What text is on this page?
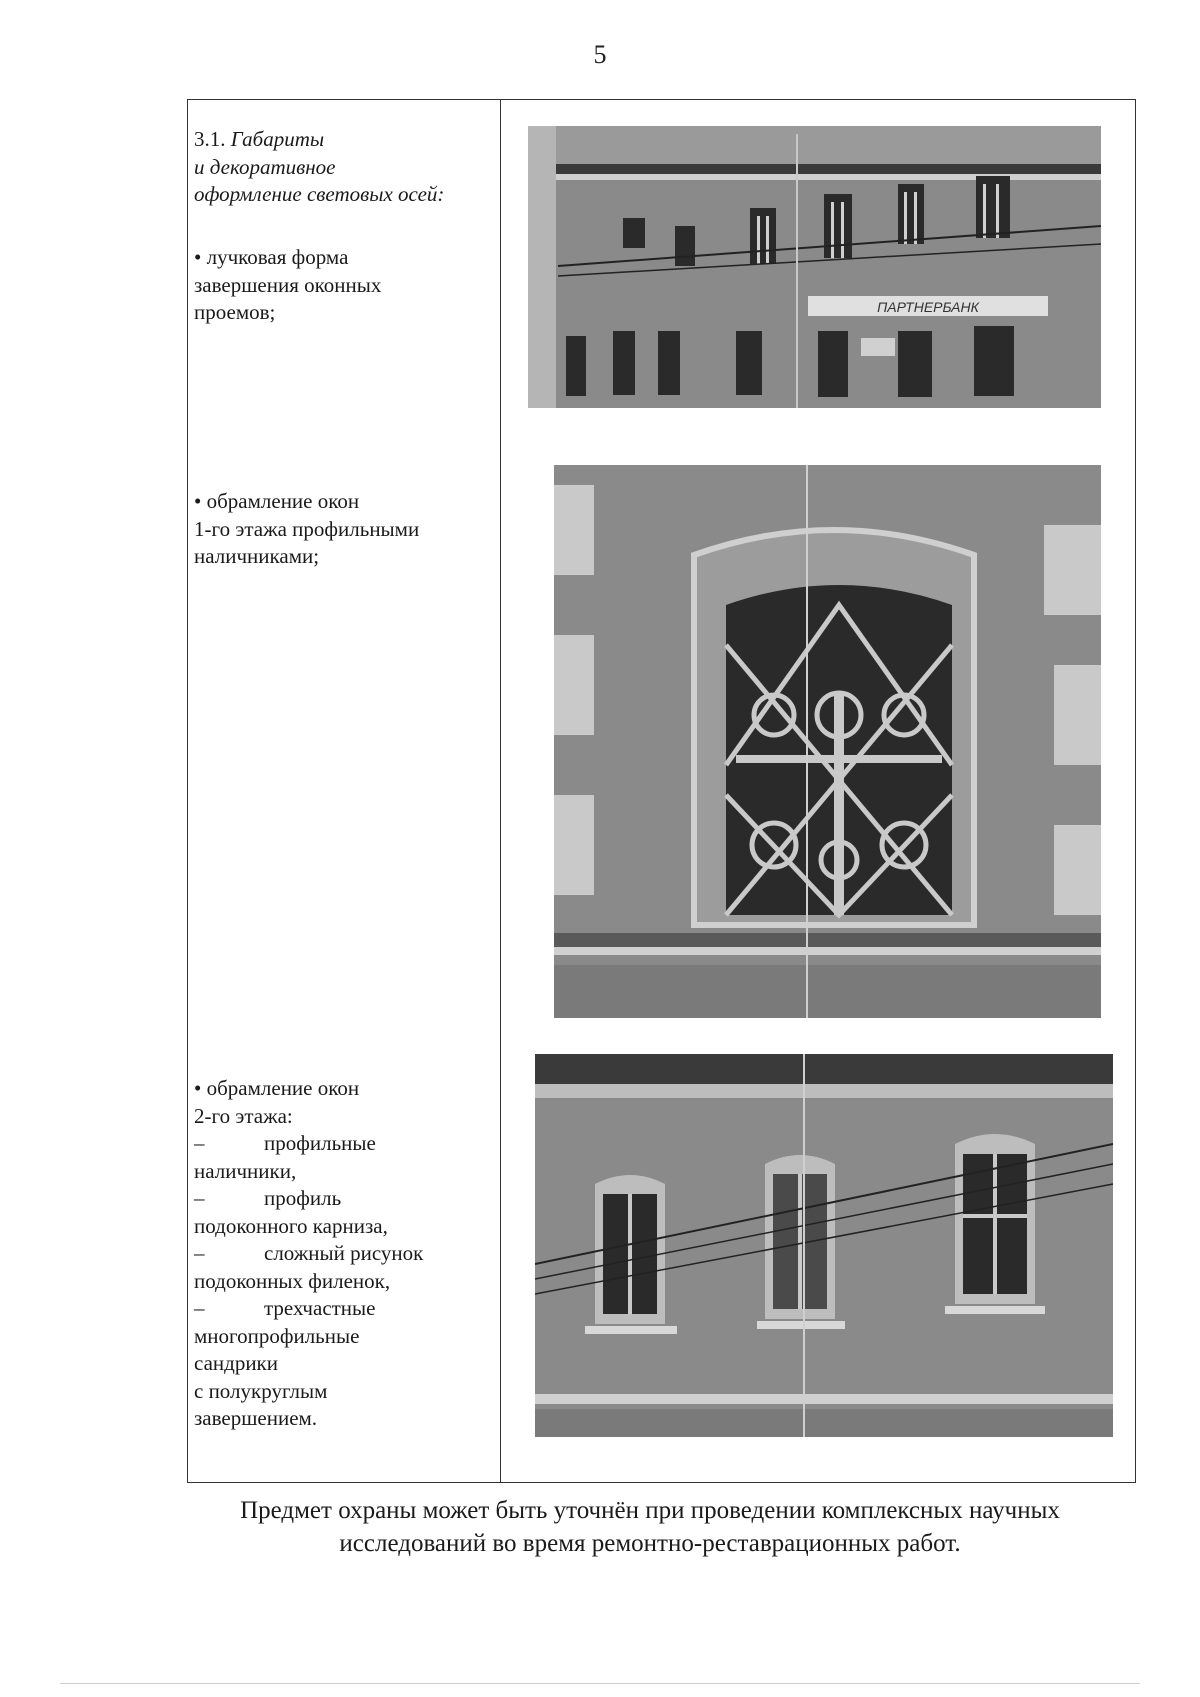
5
3.1. Габариты
и декоративное
оформление световых осей:
• лучковая форма
завершения оконных
проемов;
• обрамление окон
1-го этажа профильными
наличниками;
• обрамление окон
2-го этажа:
–	профильные
наличники,
–	профиль
подоконного карниза,
–	сложный рисунок
подоконных филенок,
–	трехчастные
многопрофильные
сандрики
с полукруглым
завершением.
ПАРТНЕРБАНК
Предмет охраны может быть уточнён при проведении комплексных научных
исследований во время ремонтно-реставрационных работ.
